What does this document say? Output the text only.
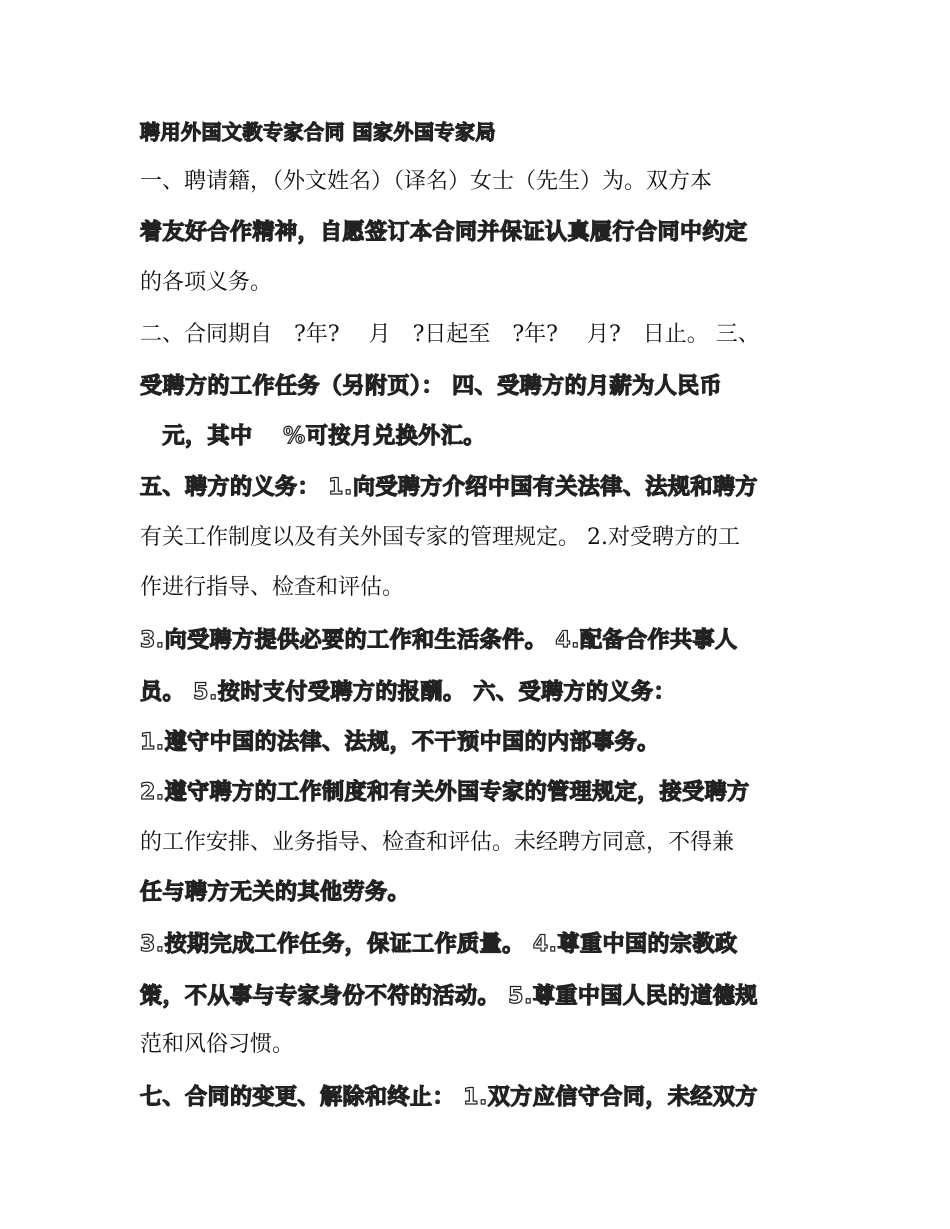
聘用外国文教专家合同 国家外国专家局
一、聘请籍，（外文姓名）（译名）女士（先生）为。双方本
着友好合作精神，自愿签订本合同并保证认真履行合同中约定
的各项义务。
二、合同期自　?年?　 月　?日起至　?年?　 月?　日止。 三、
受聘方的工作任务（另附页）： 四、受聘方的月薪为人民币
　元，其中　 %可按月兑换外汇。
五、聘方的义务： 1.向受聘方介绍中国有关法律、法规和聘方
有关工作制度以及有关外国专家的管理规定。 2.对受聘方的工
作进行指导、检查和评估。
3.向受聘方提供必要的工作和生活条件。 4.配备合作共事人
员。 5.按时支付受聘方的报酬。 六、受聘方的义务：
1.遵守中国的法律、法规，不干预中国的内部事务。
2.遵守聘方的工作制度和有关外国专家的管理规定，接受聘方
的工作安排、业务指导、检查和评估。未经聘方同意，不得兼
任与聘方无关的其他劳务。
3.按期完成工作任务，保证工作质量。 4.尊重中国的宗教政
策，不从事与专家身份不符的活动。 5.尊重中国人民的道德规
范和风俗习惯。
七、合同的变更、解除和终止： 1.双方应信守合同，未经双方
